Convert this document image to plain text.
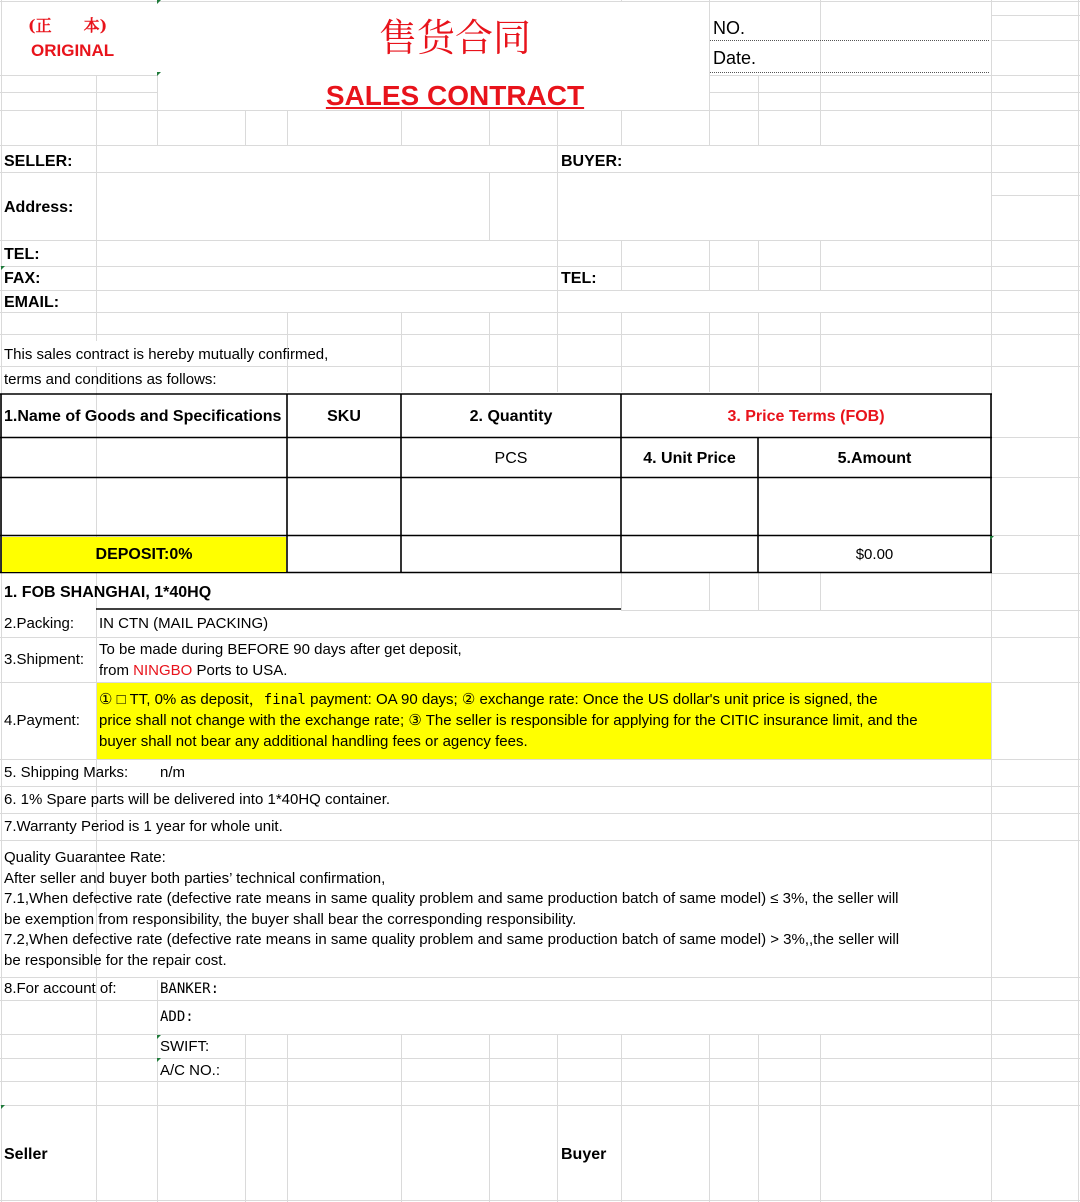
(正　　本)
ORIGINAL	售货合同
SALES CONTRACT
NO.
Date.
SELLER:	BUYER:
Address:
TEL:
FAX:	TEL:
EMAIL:
This sales contract is hereby mutually confirmed,
terms and conditions as follows:
1.Name of Goods and Specifications	SKU	2. Quantity	3. Price Terms (FOB)
PCS	4. Unit Price	5.Amount
DEPOSIT:0%	$0.00
1. FOB SHANGHAI, 1*40HQ
2.Packing: IN CTN (MAIL PACKING)
3.Shipment:
To be made during BEFORE 90 days after get deposit,
from NINGBO Ports to USA.
4.Payment:
① □ TT, 0% as deposit，final payment: OA 90 days; ② exchange rate: Once the US dollar's unit price is signed, the
price shall not change with the exchange rate; ③ The seller is responsible for applying for the CITIC insurance limit, and the
buyer shall not bear any additional handling fees or agency fees.
5. Shipping Marks: n/m
6. 1% Spare parts will be delivered into 1*40HQ container.
7.Warranty Period is 1 year for whole unit.
Quality Guarantee Rate:
After seller and buyer both parties’ technical confirmation,
7.1,When defective rate (defective rate means in same quality problem and same production batch of same model) ≤ 3%, the seller will
be exemption from responsibility, the buyer shall bear the corresponding responsibility.
7.2,When defective rate (defective rate means in same quality problem and same production batch of same model) > 3%,,the seller will
be responsible for the repair cost.
8.For account of:	BANKER:
ADD:
SWIFT:
A/C NO.:
Seller	Buyer
